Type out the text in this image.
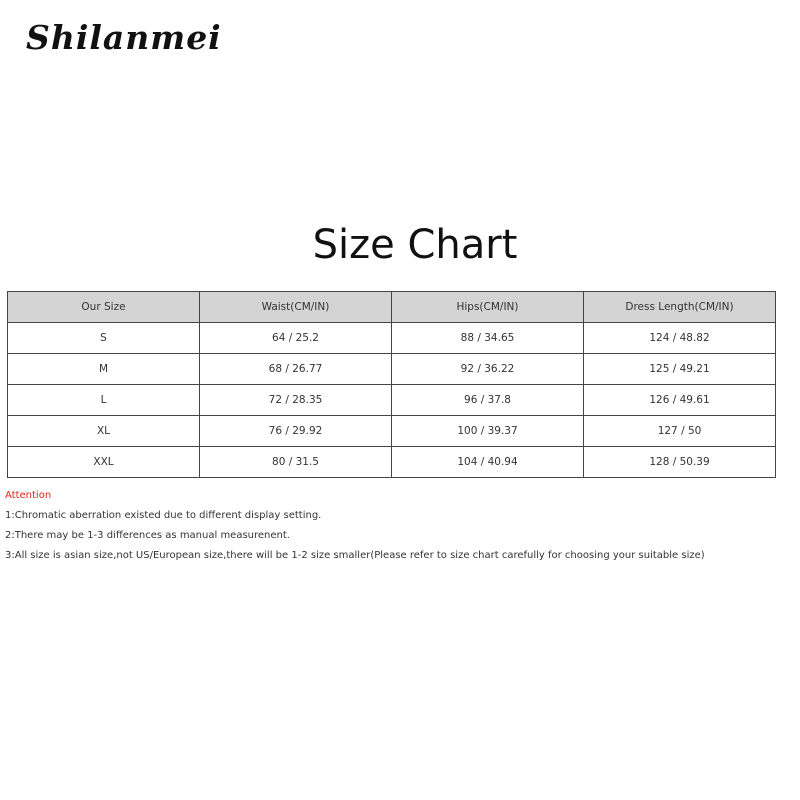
Shilanmei
Size Chart
Our Size	Waist(CM/IN)	Hips(CM/IN)	Dress Length(CM/IN)
S	64 / 25.2	88 / 34.65	124 / 48.82
M	68 / 26.77	92 / 36.22	125 / 49.21
L	72 / 28.35	96 / 37.8	126 / 49.61
XL	76 / 29.92	100 / 39.37	127 / 50
XXL	80 / 31.5	104 / 40.94	128 / 50.39
Attention
1:Chromatic aberration existed due to different display setting.
2:There may be 1-3 differences as manual measurenent.
3:All size is asian size,not US/European size,there will be 1-2 size smaller(Please refer to size chart carefully for choosing your suitable size)
